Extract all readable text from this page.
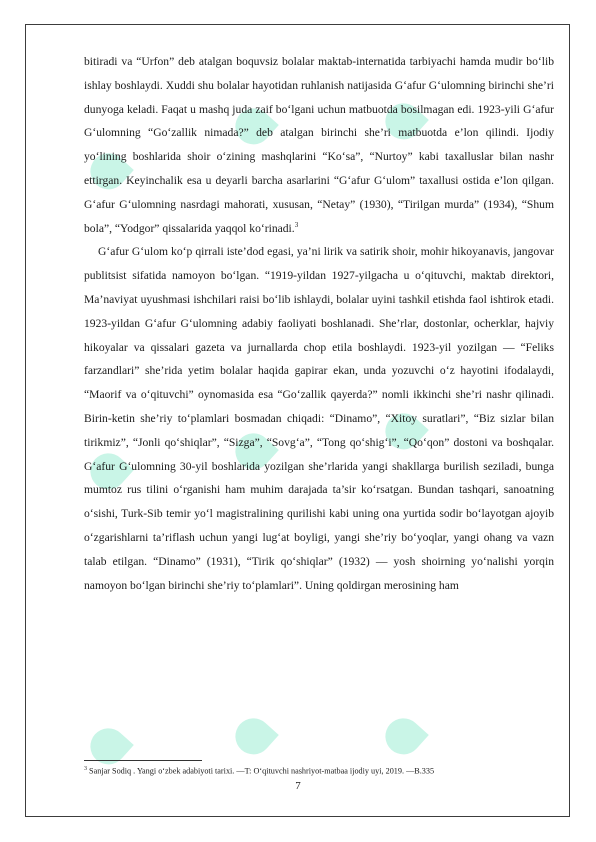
bitiradi va “Urfon” deb atalgan boquvsiz bolalar maktab-internatida tarbiyachi hamda mudir bo‘lib ishlay boshlaydi. Xuddi shu bolalar hayotidan ruhlanish natijasida G‘afur G‘ulomning birinchi she’ri dunyoga keladi. Faqat u mashq juda zaif bo‘lgani uchun matbuotda bosilmagan edi. 1923-yili G‘afur G‘ulomning “Go‘zallik nimada?” deb atalgan birinchi she’ri matbuotda e’lon qilindi. Ijodiy yo‘lining boshlarida shoir o‘zining mashqlarini “Ko‘sa”, “Nurtoy” kabi taxalluslar bilan nashr ettirgan. Keyinchalik esa u deyarli barcha asarlarini “G‘afur G‘ulom” taxallusi ostida e’lon qilgan. G‘afur G‘ulomning nasrdagi mahorati, xususan, “Netay” (1930), “Tirilgan murda” (1934), “Shum bola”, “Yodgor” qissalarida yaqqol ko‘rinadi.$^3$

G‘afur G‘ulom ko‘p qirrali iste’dod egasi, ya’ni lirik va satirik shoir, mohir hikoyanavis, jangovar publitsist sifatida namoyon bo‘lgan. “1919-yildan 1927-yilgacha u o‘qituvchi, maktab direktori, Ma’naviyat uyushmasi ishchilari raisi bo‘lib ishlaydi, bolalar uyini tashkil etishda faol ishtirok etadi. 1923-yildan G‘afur G‘ulomning adabiy faoliyati boshlanadi. She’rlar, dostonlar, ocherklar, hajviy hikoyalar va qissalari gazeta va jurnallarda chop etila boshlaydi. 1923-yil yozilgan — “Feliks farzandlari” she’rida yetim bolalar haqida gapirar ekan, unda yozuvchi o‘z hayotini ifodalaydi, “Maorif va o‘qituvchi” oynomasida esa “Go‘zallik qayerda?” nomli ikkinchi she’ri nashr qilinadi. Birin-ketin she’riy to‘plamlari bosmadan chiqadi: “Dinamo”, “Xitoy suratlari”, “Biz sizlar bilan tirikmiz”, “Jonli qo‘shiqlar”, “Sizga”, “Sovg‘a”, “Tong qo‘shig‘i”, “Qo‘qon” dostoni va boshqalar. G‘afur G‘ulomning 30-yil boshlarida yozilgan she’rlarida yangi shakllarga burilish seziladi, bunga mumtoz rus tilini o‘rganishi ham muhim darajada ta’sir ko‘rsatgan. Bundan tashqari, sanoatning o‘sishi, Turk-Sib temir yo‘l magistralining qurilishi kabi uning ona yurtida sodir bo‘layotgan ajoyib o‘zgarishlarni ta’riflash uchun yangi lug‘at boyligi, yangi she’riy bo‘yoqlar, yangi ohang va vazn talab etilgan. “Dinamo” (1931), “Tirik qo‘shiqlar” (1932) — yosh shoirning yo‘nalishi yorqin namoyon bo‘lgan birinchi she’riy to‘plamlari”. Uning qoldirgan merosining ham

$^3$ Sanjar Sodiq . Yangi o‘zbek adabiyoti tarixi. —T: O‘qituvchi nashriyot-matbaa ijodiy uyi, 2019. —B.335
7
